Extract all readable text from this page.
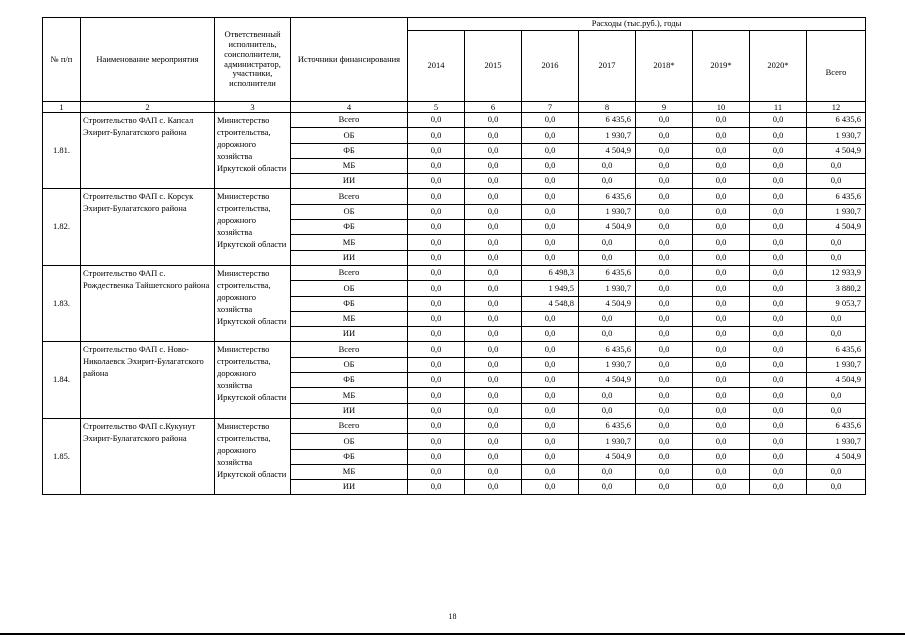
№ п/п	Наименование мероприятия	Ответственный исполнитель, соисполнители, администратор, участники, исполнители	Источники финансирования	Расходы (тыс.руб.), годы							
				2014	2015	2016	2017	2018*	2019*	2020*	Всего
1	2	3	4	5	6	7	8	9	10	11	12
1.81.	Строительство ФАП с. Капсал Эхирит-Булагатского района	Министерство строительства, дорожного хозяйства Иркутской области	Всего	0,0	0,0	0,0	6 435,6	0,0	0,0	0,0	6 435,6
			ОБ	0,0	0,0	0,0	1 930,7	0,0	0,0	0,0	1 930,7
			ФБ	0,0	0,0	0,0	4 504,9	0,0	0,0	0,0	4 504,9
			МБ	0,0	0,0	0,0	0,0	0,0	0,0	0,0	0,0
			ИИ	0,0	0,0	0,0	0,0	0,0	0,0	0,0	0,0
1.82.	Строительство ФАП с. Корсук Эхирит-Булагатского района	Министерство строительства, дорожного хозяйства Иркутской области	Всего	0,0	0,0	0,0	6 435,6	0,0	0,0	0,0	6 435,6
			ОБ	0,0	0,0	0,0	1 930,7	0,0	0,0	0,0	1 930,7
			ФБ	0,0	0,0	0,0	4 504,9	0,0	0,0	0,0	4 504,9
			МБ	0,0	0,0	0,0	0,0	0,0	0,0	0,0	0,0
			ИИ	0,0	0,0	0,0	0,0	0,0	0,0	0,0	0,0
1.83.	Строительство ФАП с. Рождественка Тайшетского района	Министерство строительства, дорожного хозяйства Иркутской области	Всего	0,0	0,0	6 498,3	6 435,6	0,0	0,0	0,0	12 933,9
			ОБ	0,0	0,0	1 949,5	1 930,7	0,0	0,0	0,0	3 880,2
			ФБ	0,0	0,0	4 548,8	4 504,9	0,0	0,0	0,0	9 053,7
			МБ	0,0	0,0	0,0	0,0	0,0	0,0	0,0	0,0
			ИИ	0,0	0,0	0,0	0,0	0,0	0,0	0,0	0,0
1.84.	Строительство ФАП с. Ново-Николаевск Эхирит-Булагатского района	Министерство строительства, дорожного хозяйства Иркутской области	Всего	0,0	0,0	0,0	6 435,6	0,0	0,0	0,0	6 435,6
			ОБ	0,0	0,0	0,0	1 930,7	0,0	0,0	0,0	1 930,7
			ФБ	0,0	0,0	0,0	4 504,9	0,0	0,0	0,0	4 504,9
			МБ	0,0	0,0	0,0	0,0	0,0	0,0	0,0	0,0
			ИИ	0,0	0,0	0,0	0,0	0,0	0,0	0,0	0,0
1.85.	Строительство ФАП с.Кукунут Эхирит-Булагатского района	Министерство строительства, дорожного хозяйства Иркутской области	Всего	0,0	0,0	0,0	6 435,6	0,0	0,0	0,0	6 435,6
			ОБ	0,0	0,0	0,0	1 930,7	0,0	0,0	0,0	1 930,7
			ФБ	0,0	0,0	0,0	4 504,9	0,0	0,0	0,0	4 504,9
			МБ	0,0	0,0	0,0	0,0	0,0	0,0	0,0	0,0
			ИИ	0,0	0,0	0,0	0,0	0,0	0,0	0,0	0,0
18
